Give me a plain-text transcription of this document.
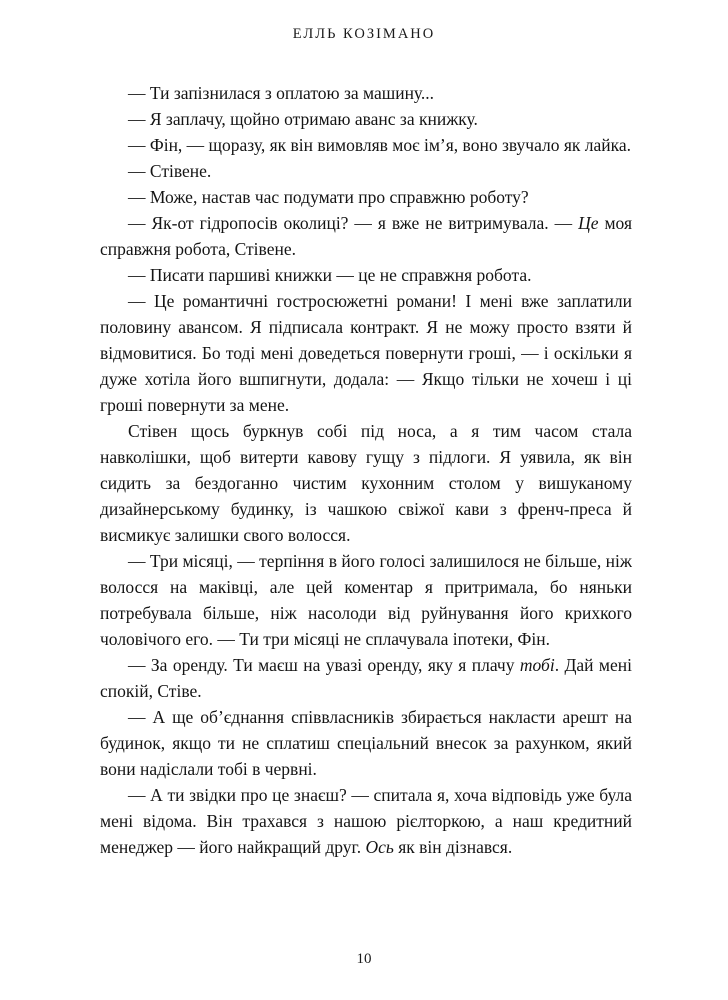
ЕЛЛЬ КОЗІМАНО

— Ти запізнилася з оплатою за машину...

— Я заплачу, щойно отримаю аванс за книжку.

— Фін, — щоразу, як він вимовляв моє ім’я, воно звучало як лайка.

— Стівене.

— Може, настав час подумати про справжню роботу?

— Як-от гідропосів околиці? — я вже не витримувала. — Це моя справжня робота, Стівене.

— Писати паршиві книжки — це не справжня робота.

— Це романтичні гостросюжетні романи! І мені вже заплатили половину авансом. Я підписала контракт. Я не можу просто взяти й відмовитися. Бо тоді мені доведеться повернути гроші, — і оскільки я дуже хотіла його вшпигнути, додала: — Якщо тільки не хочеш і ці гроші повернути за мене.

Стівен щось буркнув собі під носа, а я тим часом стала навколішки, щоб витерти кавову гущу з підлоги. Я уявила, як він сидить за бездоганно чистим кухонним столом у вишуканому дизайнерському будинку, із чашкою свіжої кави з френч-преса й висмикує залишки свого волосся.

— Три місяці, — терпіння в його голосі залишилося не більше, ніж волосся на маківці, але цей коментар я притримала, бо няньки потребувала більше, ніж насолоди від руйнування його крихкого чоловічого его. — Ти три місяці не сплачувала іпотеки, Фін.

— За оренду. Ти маєш на увазі оренду, яку я плачу тобі. Дай мені спокій, Стіве.

— А ще об’єднання співвласників збирається накласти арешт на будинок, якщо ти не сплатиш спеціальний внесок за рахунком, який вони надіслали тобі в червні.

— А ти звідки про це знаєш? — спитала я, хоча відповідь уже була мені відома. Він трахався з нашою рієлторкою, а наш кредитний менеджер — його найкращий друг. Ось як він дізнався.

10
